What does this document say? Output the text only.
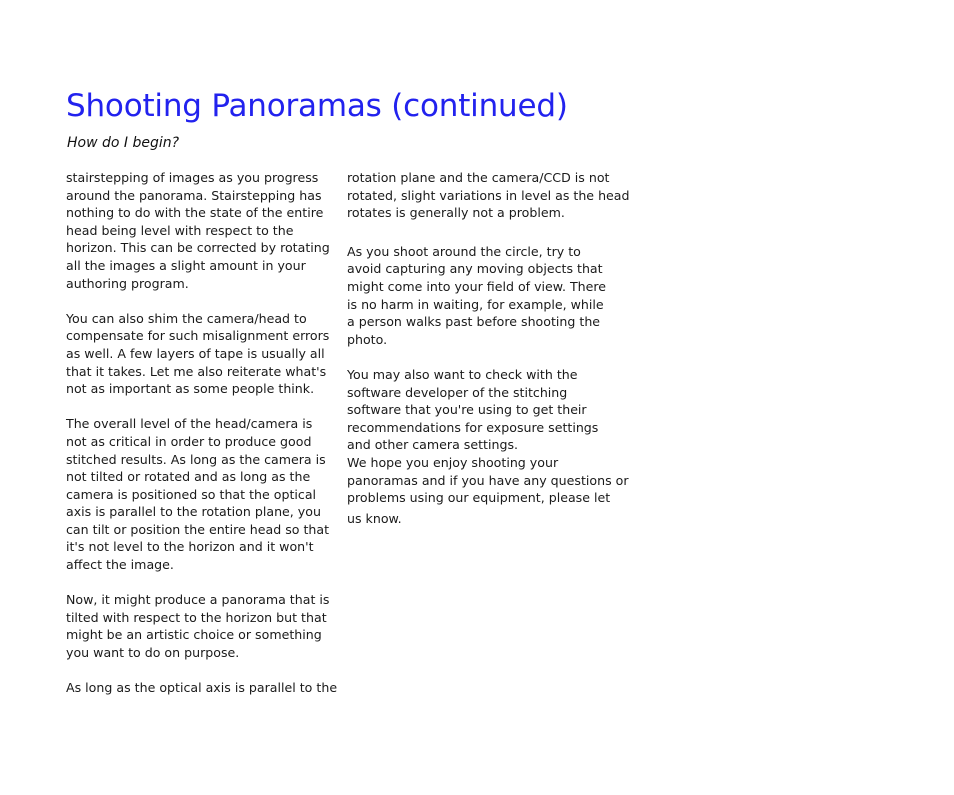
Shooting Panoramas (continued)

How do I begin?

stairstepping of images as you progress
around the panorama. Stairstepping has
nothing to do with the state of the entire
head being level with respect to the
horizon. This can be corrected by rotating
all the images a slight amount in your
authoring program.

You can also shim the camera/head to
compensate for such misalignment errors
as well. A few layers of tape is usually all
that it takes. Let me also reiterate what's
not as important as some people think.

The overall level of the head/camera is
not as critical in order to produce good
stitched results. As long as the camera is
not tilted or rotated and as long as the
camera is positioned so that the optical
axis is parallel to the rotation plane, you
can tilt or position the entire head so that
it's not level to the horizon and it won't
affect the image.

Now, it might produce a panorama that is
tilted with respect to the horizon but that
might be an artistic choice or something
you want to do on purpose.

As long as the optical axis is parallel to the

rotation plane and the camera/CCD is not
rotated, slight variations in level as the head
rotates is generally not a problem.

As you shoot around the circle, try to
avoid capturing any moving objects that
might come into your field of view. There
is no harm in waiting, for example, while
a person walks past before shooting the
photo.

You may also want to check with the
software developer of the stitching
software that you're using to get their
recommendations for exposure settings
and other camera settings.

We hope you enjoy shooting your
panoramas and if you have any questions or
problems using our equipment, please let
us know.
